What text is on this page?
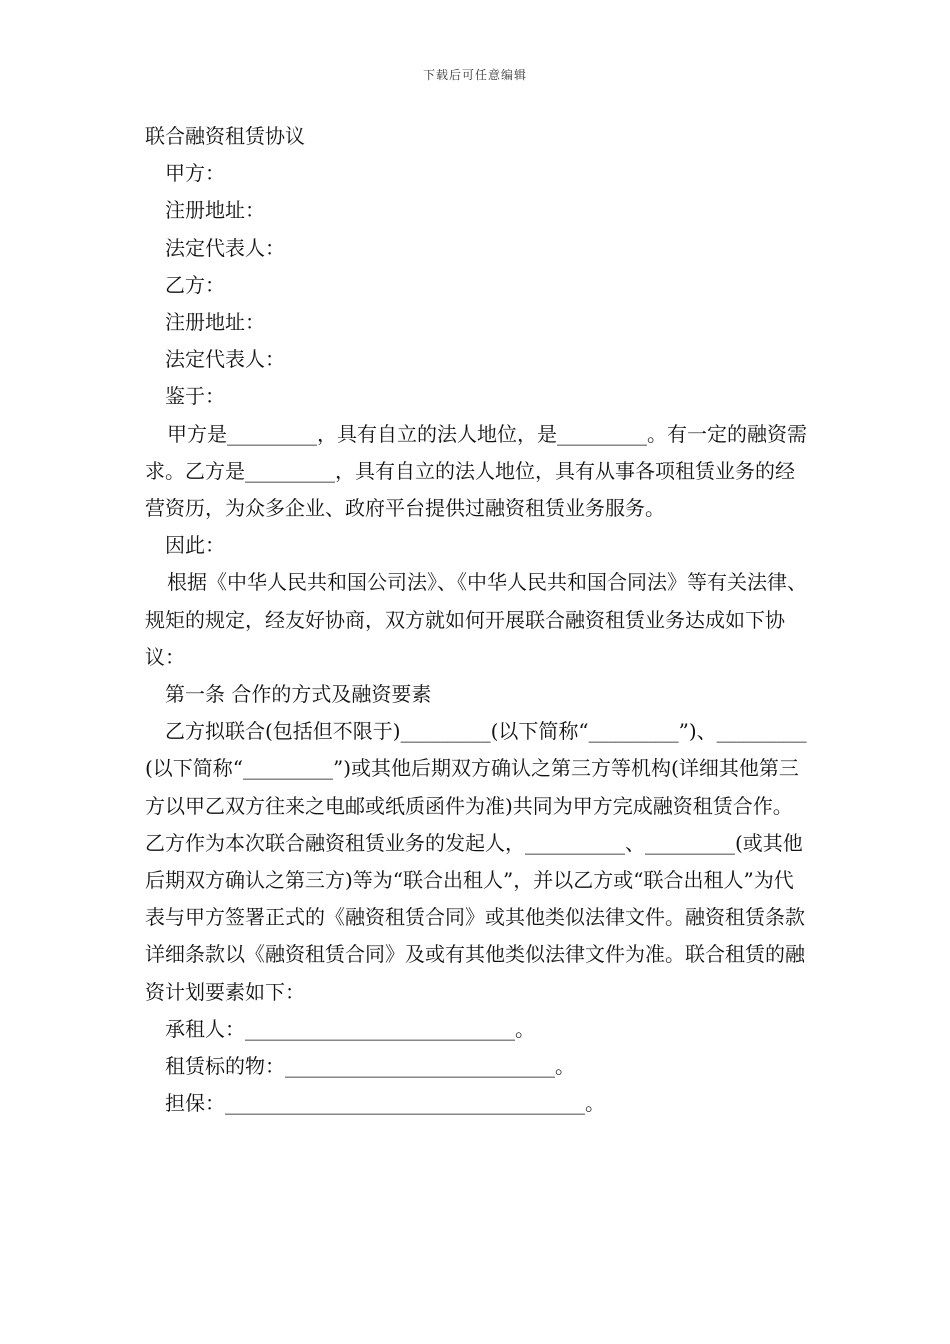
下载后可任意编辑

联合融资租赁协议

甲方：

注册地址：

法定代表人：

乙方：

注册地址：

法定代表人：

鉴于：

甲方是_________，具有自立的法人地位，是_________。有一定的融资需求。乙方是_________，具有自立的法人地位，具有从事各项租赁业务的经营资历，为众多企业、政府平台提供过融资租赁业务服务。

因此：

根据《中华人民共和国公司法》、《中华人民共和国合同法》等有关法律、规矩的规定，经友好协商，双方就如何开展联合融资租赁业务达成如下协议：

第一条 合作的方式及融资要素

乙方拟联合(包括但不限于)_________(以下简称“_________”)、_________(以下简称“_________”)或其他后期双方确认之第三方等机构(详细其他第三方以甲乙双方往来之电邮或纸质函件为准)共同为甲方完成融资租赁合作。乙方作为本次联合融资租赁业务的发起人，__________、_________(或其他后期双方确认之第三方)等为“联合出租人”，并以乙方或“联合出租人”为代表与甲方签署正式的《融资租赁合同》或其他类似法律文件。融资租赁条款详细条款以《融资租赁合同》及或有其他类似法律文件为准。联合租赁的融资计划要素如下：

承租人：___________________________。

租赁标的物：___________________________。

担保：____________________________________。
